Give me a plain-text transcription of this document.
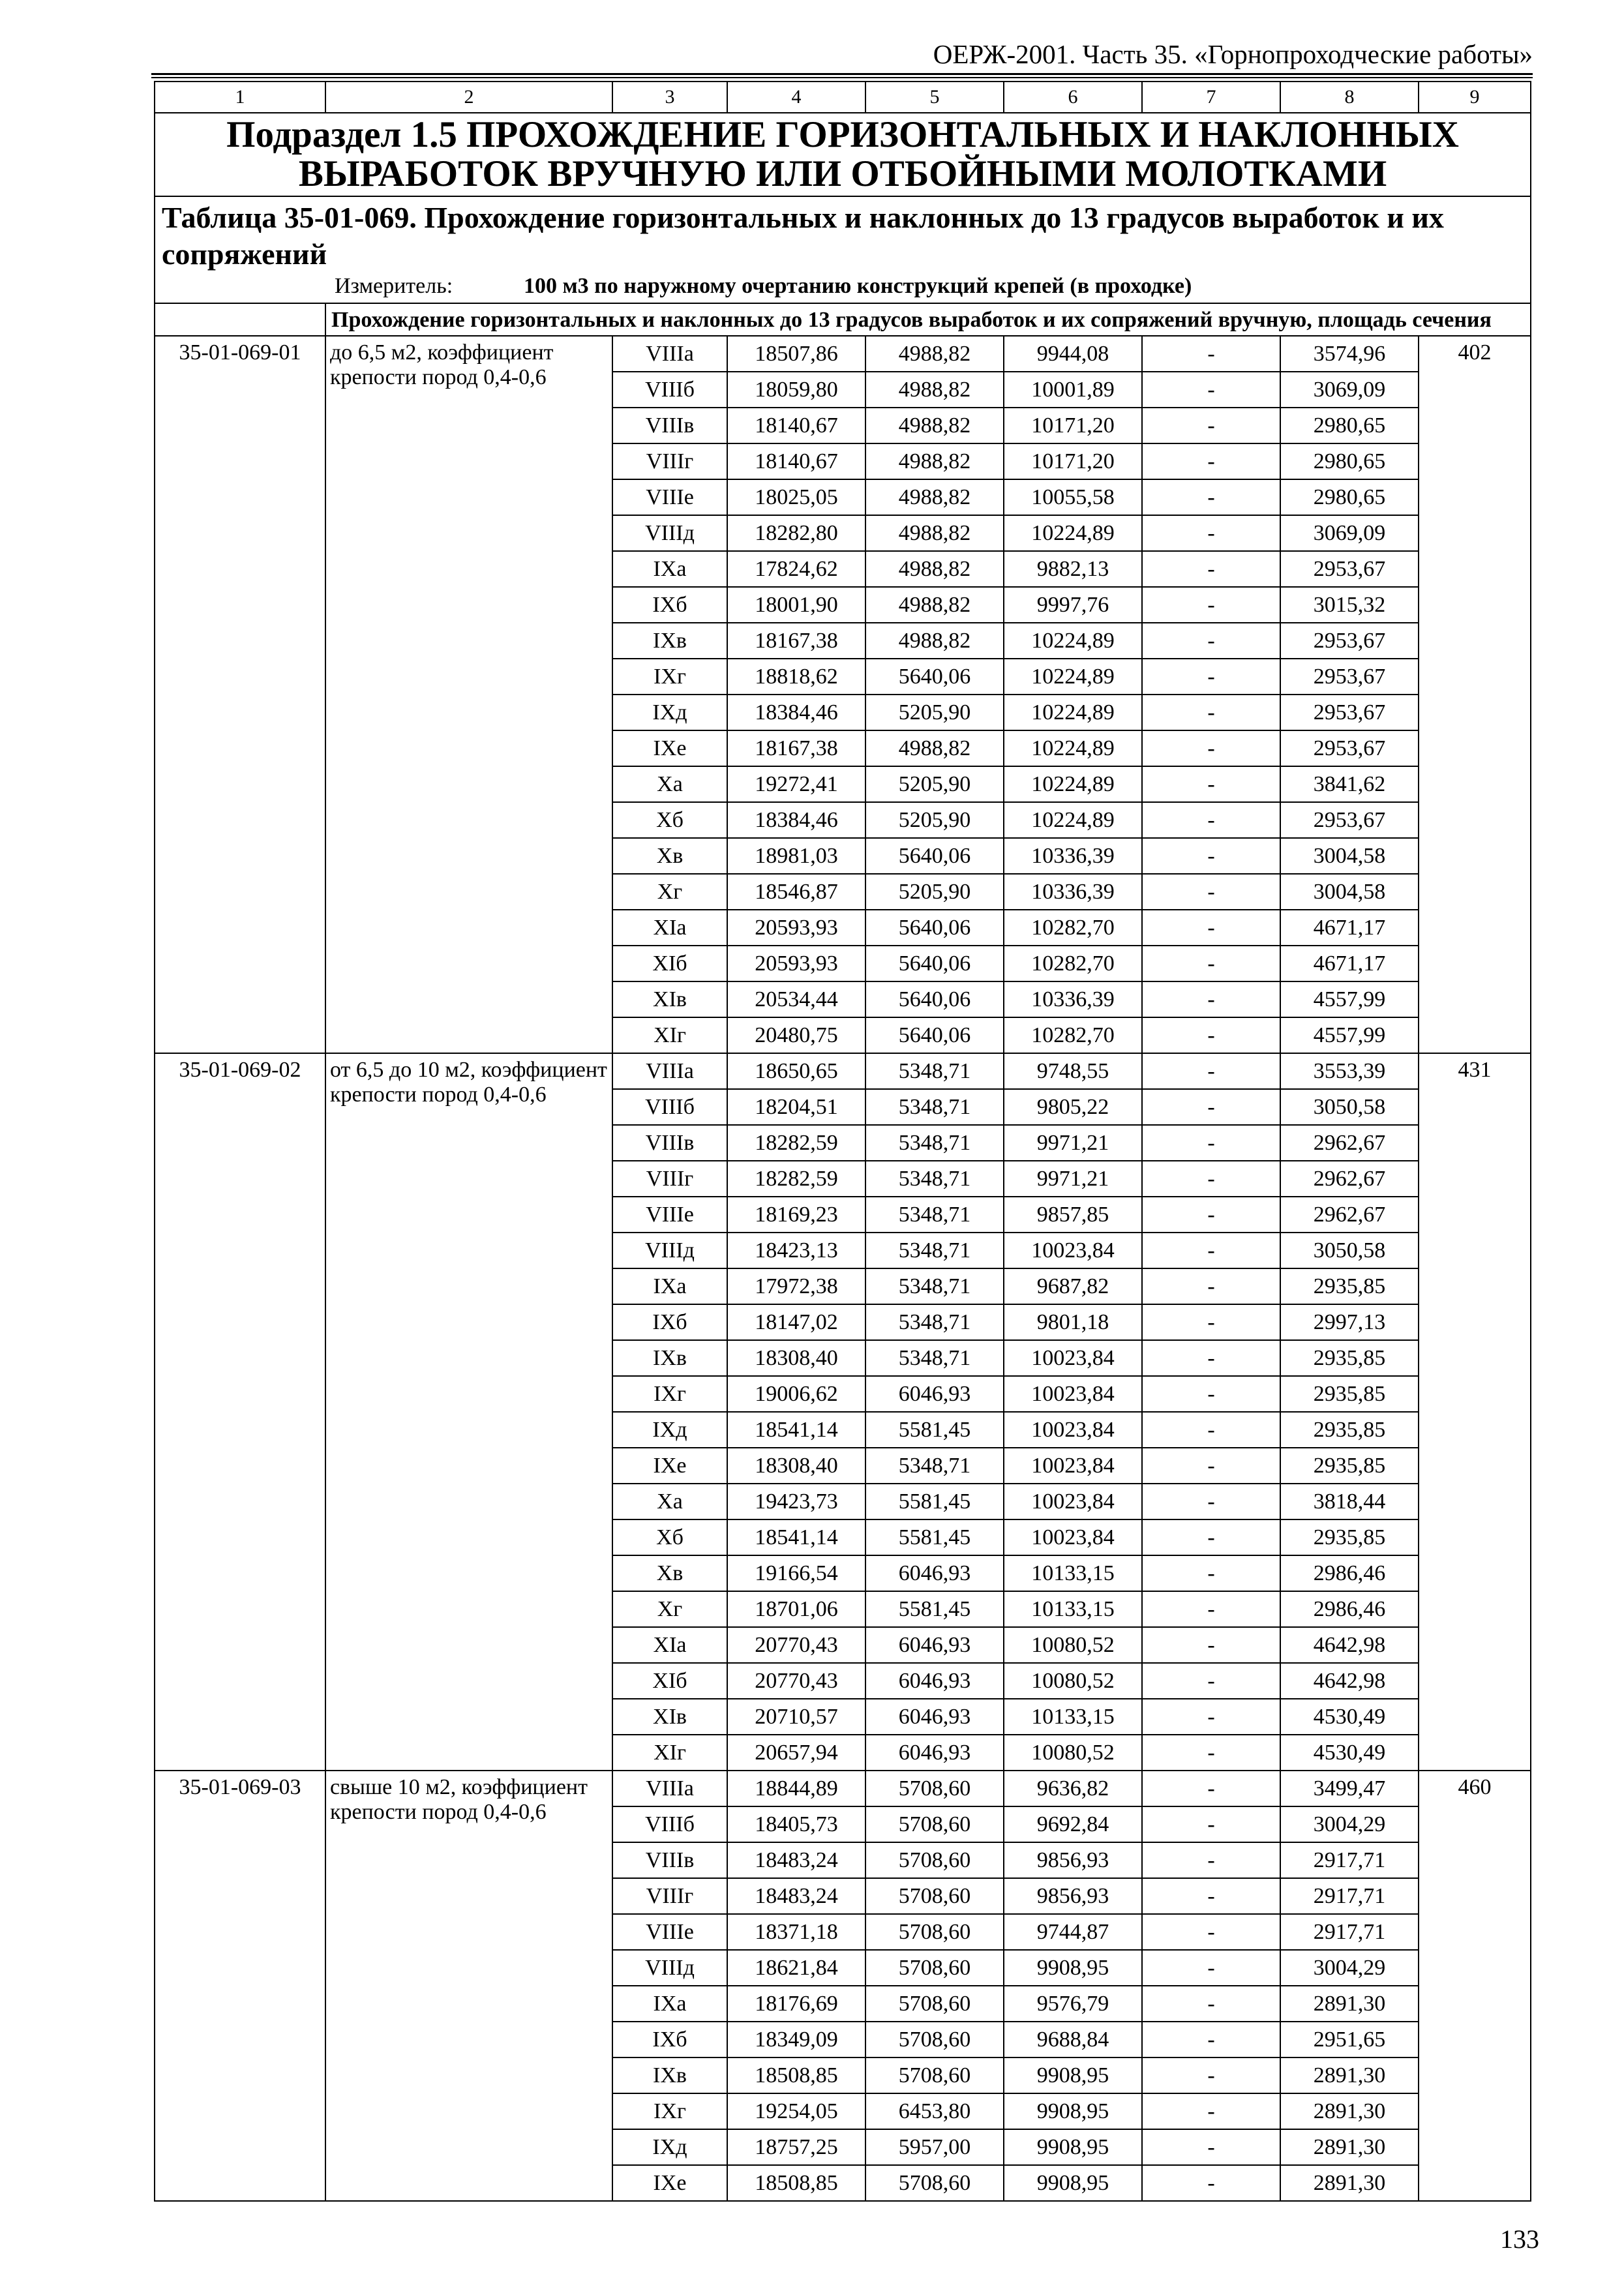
ОЕРЖ-2001. Часть 35. «Горнопроходческие работы»
1	2	3	4	5	6	7	8	9
Подраздел 1.5 ПРОХОЖДЕНИЕ ГОРИЗОНТАЛЬНЫХ И НАКЛОННЫХ ВЫРАБОТОК ВРУЧНУЮ ИЛИ ОТБОЙНЫМИ МОЛОТКАМИ								

Таблица 35-01-069. Прохождение горизонтальных и наклонных до 13 градусов выработок и их сопряжений
Измеритель: 100 м3 по наружному очертанию конструкций крепей (в проходке)								

	Прохождение горизонтальных и наклонных до 13 градусов выработок и их сопряжений вручную, площадь сечения							
35-01-069-01	до 6,5 м2, коэффициент крепости пород 0,4-0,6	VIIIа	18507,86	4988,82	9944,08	-	3574,96	402
		VIIIб	18059,80	4988,82	10001,89	-	3069,09	
		VIIIв	18140,67	4988,82	10171,20	-	2980,65	
		VIIIг	18140,67	4988,82	10171,20	-	2980,65	
		VIIIе	18025,05	4988,82	10055,58	-	2980,65	
		VIIIд	18282,80	4988,82	10224,89	-	3069,09	
		IXа	17824,62	4988,82	9882,13	-	2953,67	
		IXб	18001,90	4988,82	9997,76	-	3015,32	
		IXв	18167,38	4988,82	10224,89	-	2953,67	
		IXг	18818,62	5640,06	10224,89	-	2953,67	
		IXд	18384,46	5205,90	10224,89	-	2953,67	
		IXе	18167,38	4988,82	10224,89	-	2953,67	
		Xа	19272,41	5205,90	10224,89	-	3841,62	
		Xб	18384,46	5205,90	10224,89	-	2953,67	
		Xв	18981,03	5640,06	10336,39	-	3004,58	
		Xг	18546,87	5205,90	10336,39	-	3004,58	
		XIа	20593,93	5640,06	10282,70	-	4671,17	
		XIб	20593,93	5640,06	10282,70	-	4671,17	
		XIв	20534,44	5640,06	10336,39	-	4557,99	
		XIг	20480,75	5640,06	10282,70	-	4557,99	
35-01-069-02	от 6,5 до 10 м2, коэффициент крепости пород 0,4-0,6	VIIIа	18650,65	5348,71	9748,55	-	3553,39	431
		VIIIб	18204,51	5348,71	9805,22	-	3050,58	
		VIIIв	18282,59	5348,71	9971,21	-	2962,67	
		VIIIг	18282,59	5348,71	9971,21	-	2962,67	
		VIIIе	18169,23	5348,71	9857,85	-	2962,67	
		VIIIд	18423,13	5348,71	10023,84	-	3050,58	
		IXа	17972,38	5348,71	9687,82	-	2935,85	
		IXб	18147,02	5348,71	9801,18	-	2997,13	
		IXв	18308,40	5348,71	10023,84	-	2935,85	
		IXг	19006,62	6046,93	10023,84	-	2935,85	
		IXд	18541,14	5581,45	10023,84	-	2935,85	
		IXе	18308,40	5348,71	10023,84	-	2935,85	
		Xа	19423,73	5581,45	10023,84	-	3818,44	
		Xб	18541,14	5581,45	10023,84	-	2935,85	
		Xв	19166,54	6046,93	10133,15	-	2986,46	
		Xг	18701,06	5581,45	10133,15	-	2986,46	
		XIа	20770,43	6046,93	10080,52	-	4642,98	
		XIб	20770,43	6046,93	10080,52	-	4642,98	
		XIв	20710,57	6046,93	10133,15	-	4530,49	
		XIг	20657,94	6046,93	10080,52	-	4530,49	
35-01-069-03	свыше 10 м2, коэффициент крепости пород 0,4-0,6	VIIIа	18844,89	5708,60	9636,82	-	3499,47	460
		VIIIб	18405,73	5708,60	9692,84	-	3004,29	
		VIIIв	18483,24	5708,60	9856,93	-	2917,71	
		VIIIг	18483,24	5708,60	9856,93	-	2917,71	
		VIIIе	18371,18	5708,60	9744,87	-	2917,71	
		VIIIд	18621,84	5708,60	9908,95	-	3004,29	
		IXа	18176,69	5708,60	9576,79	-	2891,30	
		IXб	18349,09	5708,60	9688,84	-	2951,65	
		IXв	18508,85	5708,60	9908,95	-	2891,30	
		IXг	19254,05	6453,80	9908,95	-	2891,30	
		IXд	18757,25	5957,00	9908,95	-	2891,30	
		IXе	18508,85	5708,60	9908,95	-	2891,30	
133
